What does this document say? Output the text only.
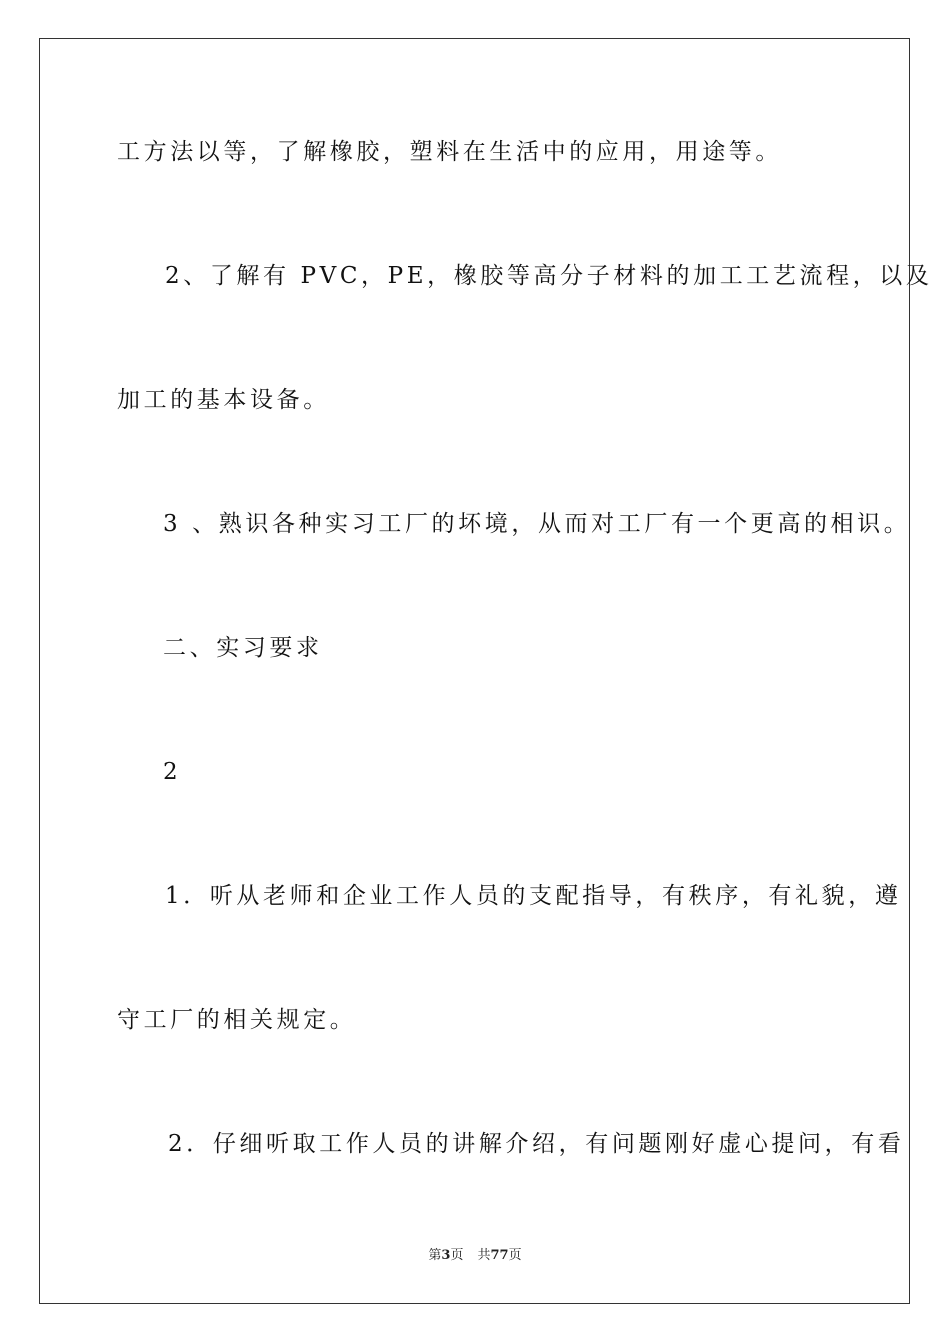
工方法以等，了解橡胶，塑料在生活中的应用，用途等。
2、了解有 PVC，PE，橡胶等高分子材料的加工工艺流程，以及
加工的基本设备。
3 、熟识各种实习工厂的坏境，从而对工厂有一个更高的相识。
二、实习要求
2
1．听从老师和企业工作人员的支配指导，有秩序，有礼貌，遵
守工厂的相关规定。
2．仔细听取工作人员的讲解介绍，有问题刚好虚心提问，有看
第3页 共77页
